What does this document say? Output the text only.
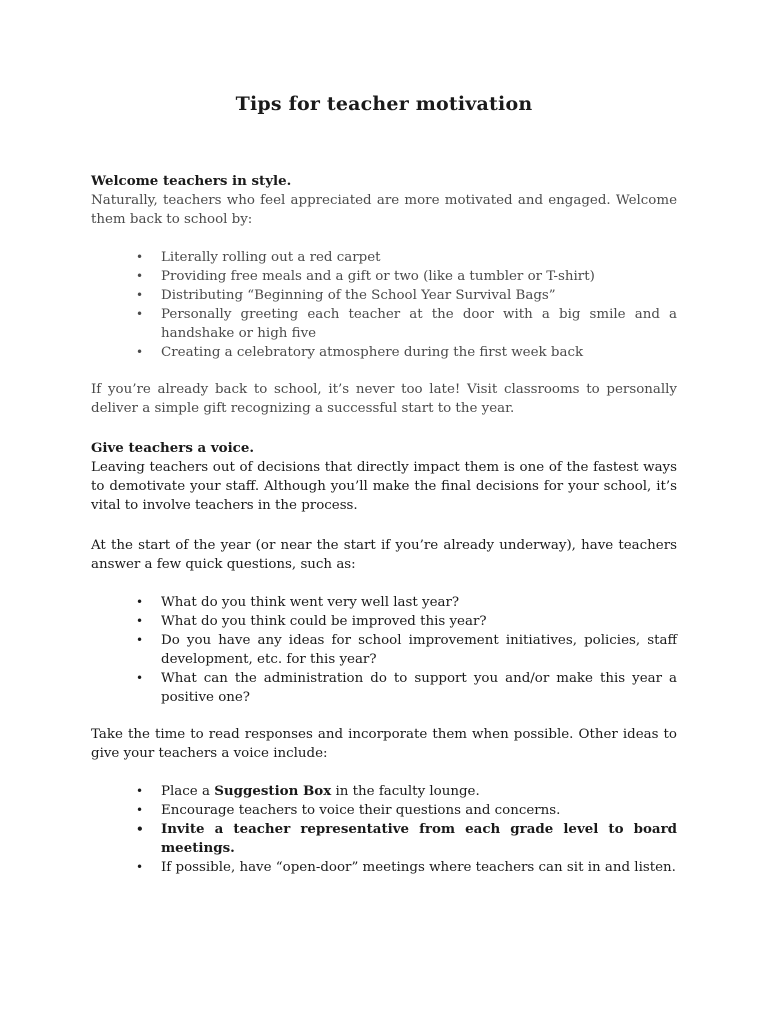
Tips for teacher motivation

Welcome teachers in style.

Naturally, teachers who feel appreciated are more motivated and engaged. Welcome them back to school by:

• Literally rolling out a red carpet
• Providing free meals and a gift or two (like a tumbler or T-shirt)
• Distributing “Beginning of the School Year Survival Bags”
• Personally greeting each teacher at the door with a big smile and a handshake or high five
• Creating a celebratory atmosphere during the first week back

If you’re already back to school, it’s never too late! Visit classrooms to personally deliver a simple gift recognizing a successful start to the year.

Give teachers a voice.

Leaving teachers out of decisions that directly impact them is one of the fastest ways to demotivate your staff. Although you’ll make the final decisions for your school, it’s vital to involve teachers in the process.

At the start of the year (or near the start if you’re already underway), have teachers answer a few quick questions, such as:

• What do you think went very well last year?
• What do you think could be improved this year?
• Do you have any ideas for school improvement initiatives, policies, staff development, etc. for this year?
• What can the administration do to support you and/or make this year a positive one?

Take the time to read responses and incorporate them when possible. Other ideas to give your teachers a voice include:

• Place a Suggestion Box in the faculty lounge.
• Encourage teachers to voice their questions and concerns.
• Invite a teacher representative from each grade level to board meetings.
• If possible, have “open-door” meetings where teachers can sit in and listen.
